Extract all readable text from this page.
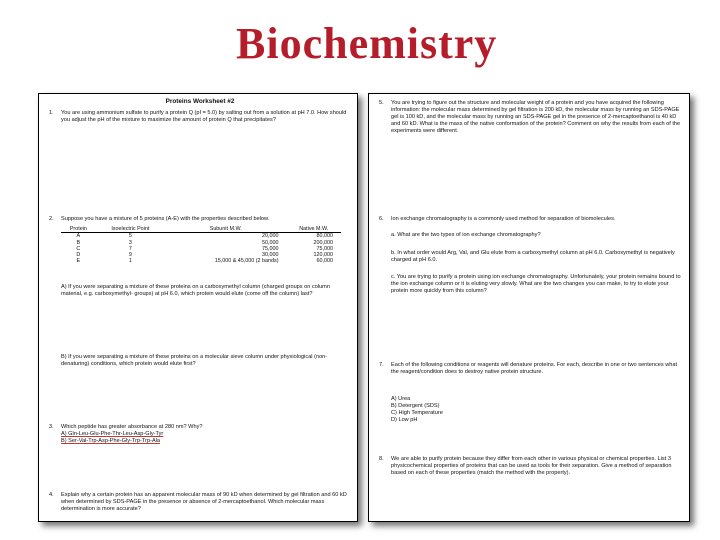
Biochemistry
Proteins Worksheet #2
1.	You are using ammonium sulfate to purify a protein Q (pI = 5.0) by salting out from a solution at pH 7.0. How should you adjust the pH of the mixture to maximize the amount of protein Q that precipitates?
2.	Suppose you have a mixture of 5 proteins (A-E) with the properties described below.
Protein	Isoelectric Point	Subunit M.W.	Native M.W.
A	5	20,000	80,000
B	3	50,000	200,000
C	7	75,000	75,000
D	9	30,000	120,000
E	1	15,000 & 45,000 (2 bands)	60,000
A) If you were separating a mixture of these proteins on a carboxymethyl column (charged groups on column material, e.g. carboxymethyl- groups) at pH 6.0, which protein would elute (come off the column) last?
B) If you were separating a mixture of these proteins on a molecular sieve column under physiological (non-denaturing) conditions, which protein would elute first?
3.	Which peptide has greater absorbance at 280 nm? Why?
A) Gln-Leu-Glu-Phe-Thr-Leu-Asp-Gly-Tyr
B) Ser-Val-Trp-Asp-Phe-Gly-Trp-Trp-Ala
4.	Explain why a certain protein has an apparent molecular mass of 90 kD when determined by gel filtration and 60 kD when determined by SDS-PAGE in the presence or absence of 2-mercaptoethanol. Which molecular mass determination is more accurate?
5.	You are trying to figure out the structure and molecular weight of a protein and you have acquired the following information: the molecular mass determined by gel filtration is 200 kD, the molecular mass by running an SDS-PAGE gel is 100 kD, and the molecular mass by running an SDS-PAGE gel in the presence of 2-mercaptoethanol is 40 kD and 60 kD. What is the mass of the native conformation of the protein? Comment on why the results from each of the experiments were different.
6.	Ion exchange chromatography is a commonly used method for separation of biomolecules.
a. What are the two types of ion exchange chromatography?
b. In what order would Arg, Val, and Glu elute from a carboxymethyl column at pH 6.0. Carboxymethyl is negatively charged at pH 6.0.
c. You are trying to purify a protein using ion exchange chromatography. Unfortunately, your protein remains bound to the ion exchange column or it is eluting very slowly. What are the two changes you can make, to try to elute your protein more quickly from this column?
7.	Each of the following conditions or reagents will denature proteins. For each, describe in one or two sentences what the reagent/condition does to destroy native protein structure.
A) Urea
B) Detergent (SDS)
C) High Temperature
D) Low pH
8.	We are able to purify protein because they differ from each other in various physical or chemical properties. List 3 physicochemical properties of proteins that can be used as tools for their separation. Give a method of separation based on each of these properties (match the method with the property).
